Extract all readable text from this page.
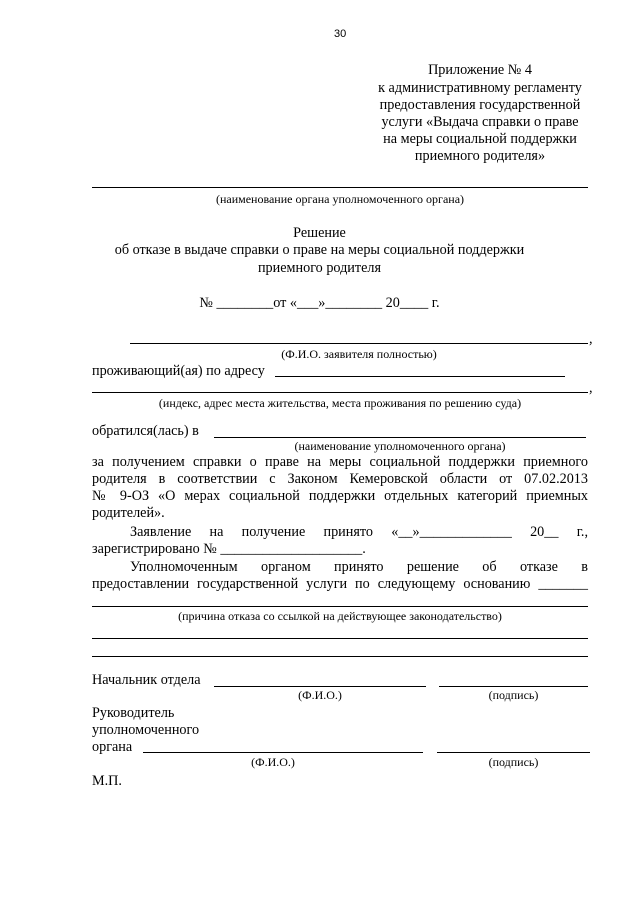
30
Приложение № 4
к административному регламенту
предоставления государственной
услуги «Выдача справки о праве
на меры социальной поддержки
приемного родителя»
(наименование органа уполномоченного органа)
Решение
об отказе в выдаче справки о праве на меры социальной поддержки
приемного родителя
№ ________от «___»________ 20____ г.
,
(Ф.И.О. заявителя полностью)
проживающий(ая) по адресу
,
(индекс, адрес места жительства, места проживания по решению суда)
обратился(лась) в
(наименование уполномоченного органа)
за получением справки о праве на меры социальной поддержки приемного
родителя в соответствии с Законом Кемеровской области от 07.02.2013
№ 9-ОЗ «О мерах социальной поддержки отдельных категорий приемных
родителей».
Заявление на получение принято «__»_____________ 20__ г.,
зарегистрировано № ____________________.
Уполномоченным органом принято решение об отказе в
предоставлении государственной услуги по следующему основанию _______
(причина отказа со ссылкой на действующее законодательство)
Начальник отдела
(Ф.И.О.)	(подпись)
Руководитель
уполномоченного
органа
(Ф.И.О.)	(подпись)
М.П.
